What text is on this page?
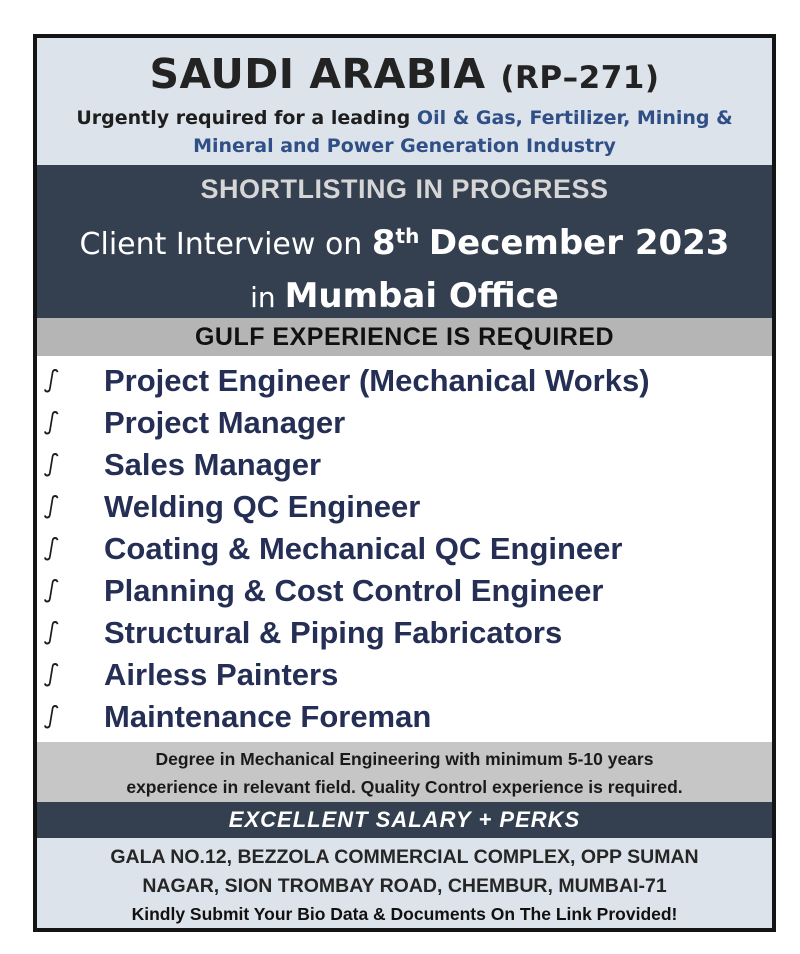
SAUDI ARABIA (RP–271)
Urgently required for a leading Oil & Gas, Fertilizer, Mining &
Mineral and Power Generation Industry
SHORTLISTING IN PROGRESS
Client Interview on 8th December 2023
in Mumbai Office
GULF EXPERIENCE IS REQUIRED
ഽ Project Engineer (Mechanical Works)
ഽ Project Manager
ഽ Sales Manager
ഽ Welding QC Engineer
ഽ Coating & Mechanical QC Engineer
ഽ Planning & Cost Control Engineer
ഽ Structural & Piping Fabricators
ഽ Airless Painters
ഽ Maintenance Foreman
Degree in Mechanical Engineering with minimum 5-10 years
experience in relevant field. Quality Control experience is required.
EXCELLENT SALARY + PERKS
GALA NO.12, BEZZOLA COMMERCIAL COMPLEX, OPP SUMAN
NAGAR, SION TROMBAY ROAD, CHEMBUR, MUMBAI-71
Kindly Submit Your Bio Data & Documents On The Link Provided!
